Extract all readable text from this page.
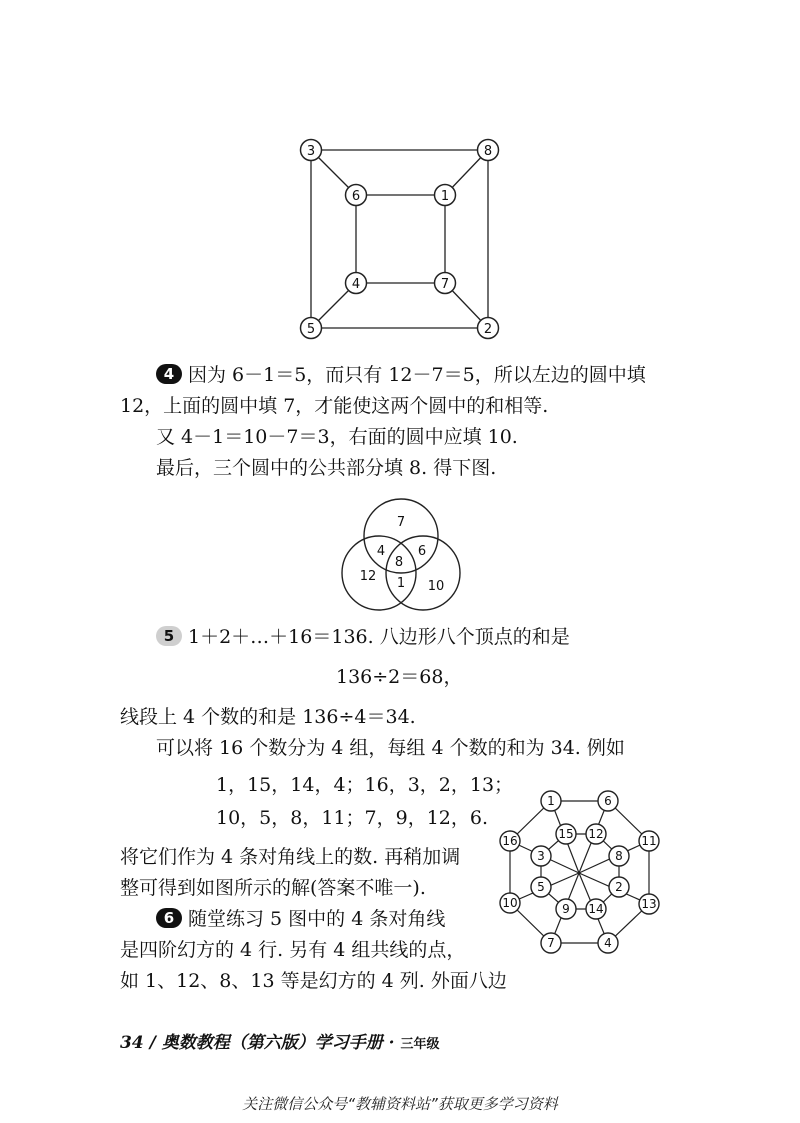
3	8
6	1
4	7
5	2
4 因为 6－1＝5，而只有 12－7＝5，所以左边的圆中填
12，上面的圆中填 7，才能使这两个圆中的和相等.
又 4－1＝10－7＝3，右面的圆中应填 10.
最后，三个圆中的公共部分填 8. 得下图.
7
12
10
4
8
6
1
5 1＋2＋…＋16＝136. 八边形八个顶点的和是
136÷2＝68，
线段上 4 个数的和是 136÷4＝34.
可以将 16 个数分为 4 组，每组 4 个数的和为 34. 例如
1，15，14，4；16，3，2，13；
10，5，8，11；7，9，12，6.
将它们作为 4 条对角线上的数. 再稍加调
整可得到如图所示的解(答案不唯一).
6 随堂练习 5 图中的 4 条对角线
是四阶幻方的 4 行. 另有 4 组共线的点，
如 1、12、8、13 等是幻方的 4 列. 外面八边
1	6
11
13
4
7
10
16	15 12
8
2
14
9
5
3
34 / 奥数教程（第六版）学习手册 · 三年级
关注微信公众号“教辅资料站”获取更多学习资料
